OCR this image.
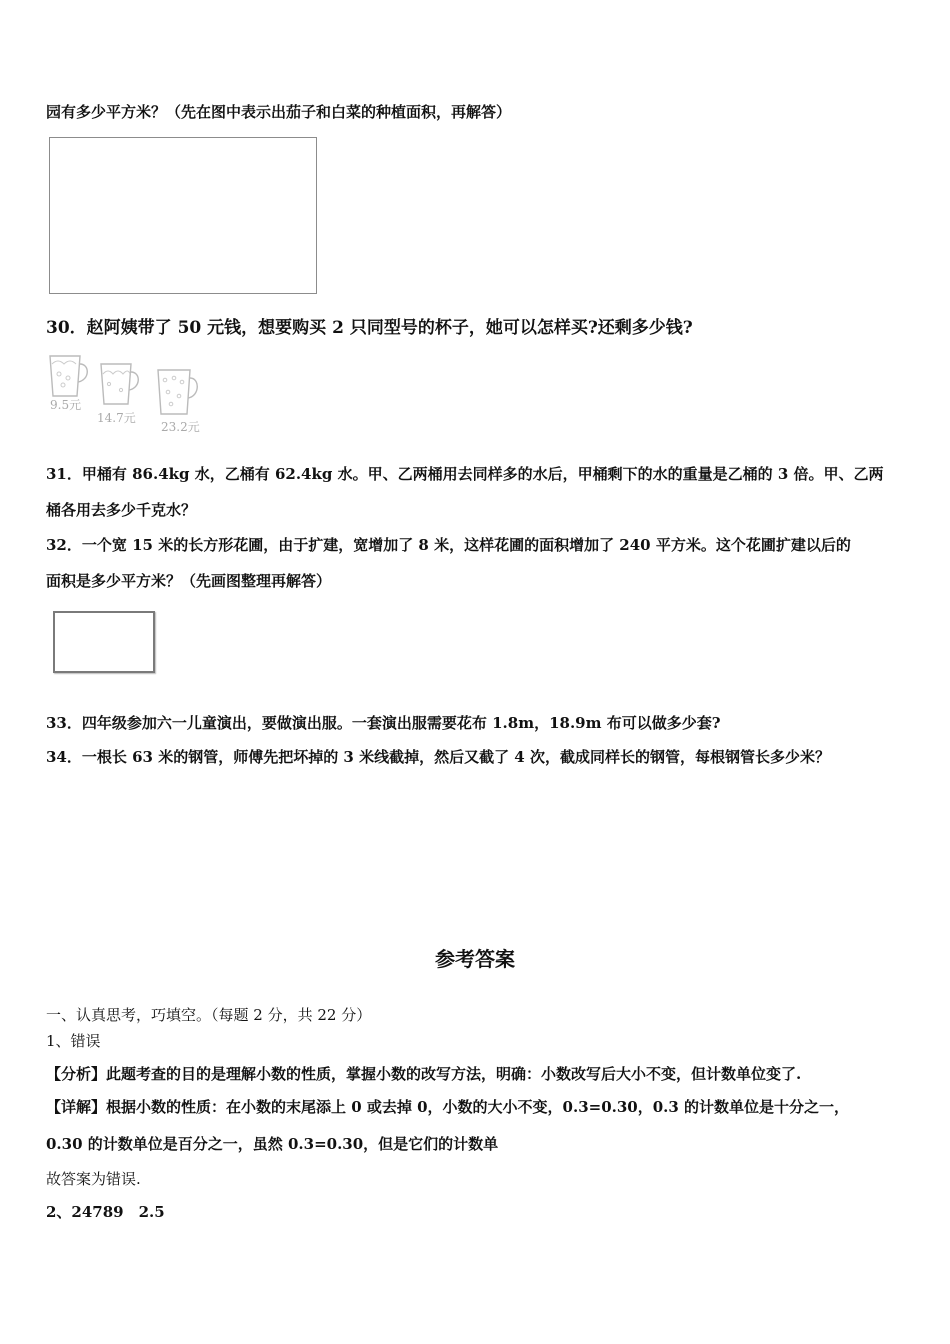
园有多少平方米？（先在图中表示出茄子和白菜的种植面积，再解答）
30．赵阿姨带了 50 元钱，想要购买 2 只同型号的杯子，她可以怎样买?还剩多少钱?
9.5元
14.7元
23.2元
31．甲桶有 86.4kg 水，乙桶有 62.4kg 水。甲、乙两桶用去同样多的水后，甲桶剩下的水的重量是乙桶的 3 倍。甲、乙两
桶各用去多少千克水？
32．一个宽 15 米的长方形花圃，由于扩建，宽增加了 8 米，这样花圃的面积增加了 240 平方米。这个花圃扩建以后的
面积是多少平方米？（先画图整理再解答）
33．四年级参加六一儿童演出，要做演出服。一套演出服需要花布 1.8m，18.9m 布可以做多少套?
34．一根长 63 米的钢管，师傅先把坏掉的 3 米线截掉，然后又截了 4 次，截成同样长的钢管，每根钢管长多少米？
参考答案
一、认真思考，巧填空。（每题 2 分，共 22 分）
1、错误
【分析】此题考查的目的是理解小数的性质，掌握小数的改写方法，明确：小数改写后大小不变，但计数单位变了.
【详解】根据小数的性质：在小数的末尾添上 0 或去掉 0，小数的大小不变，0.3=0.30，0.3 的计数单位是十分之一，
0.30 的计数单位是百分之一，虽然 0.3=0.30，但是它们的计数单
故答案为错误.
2、24789　2.5
